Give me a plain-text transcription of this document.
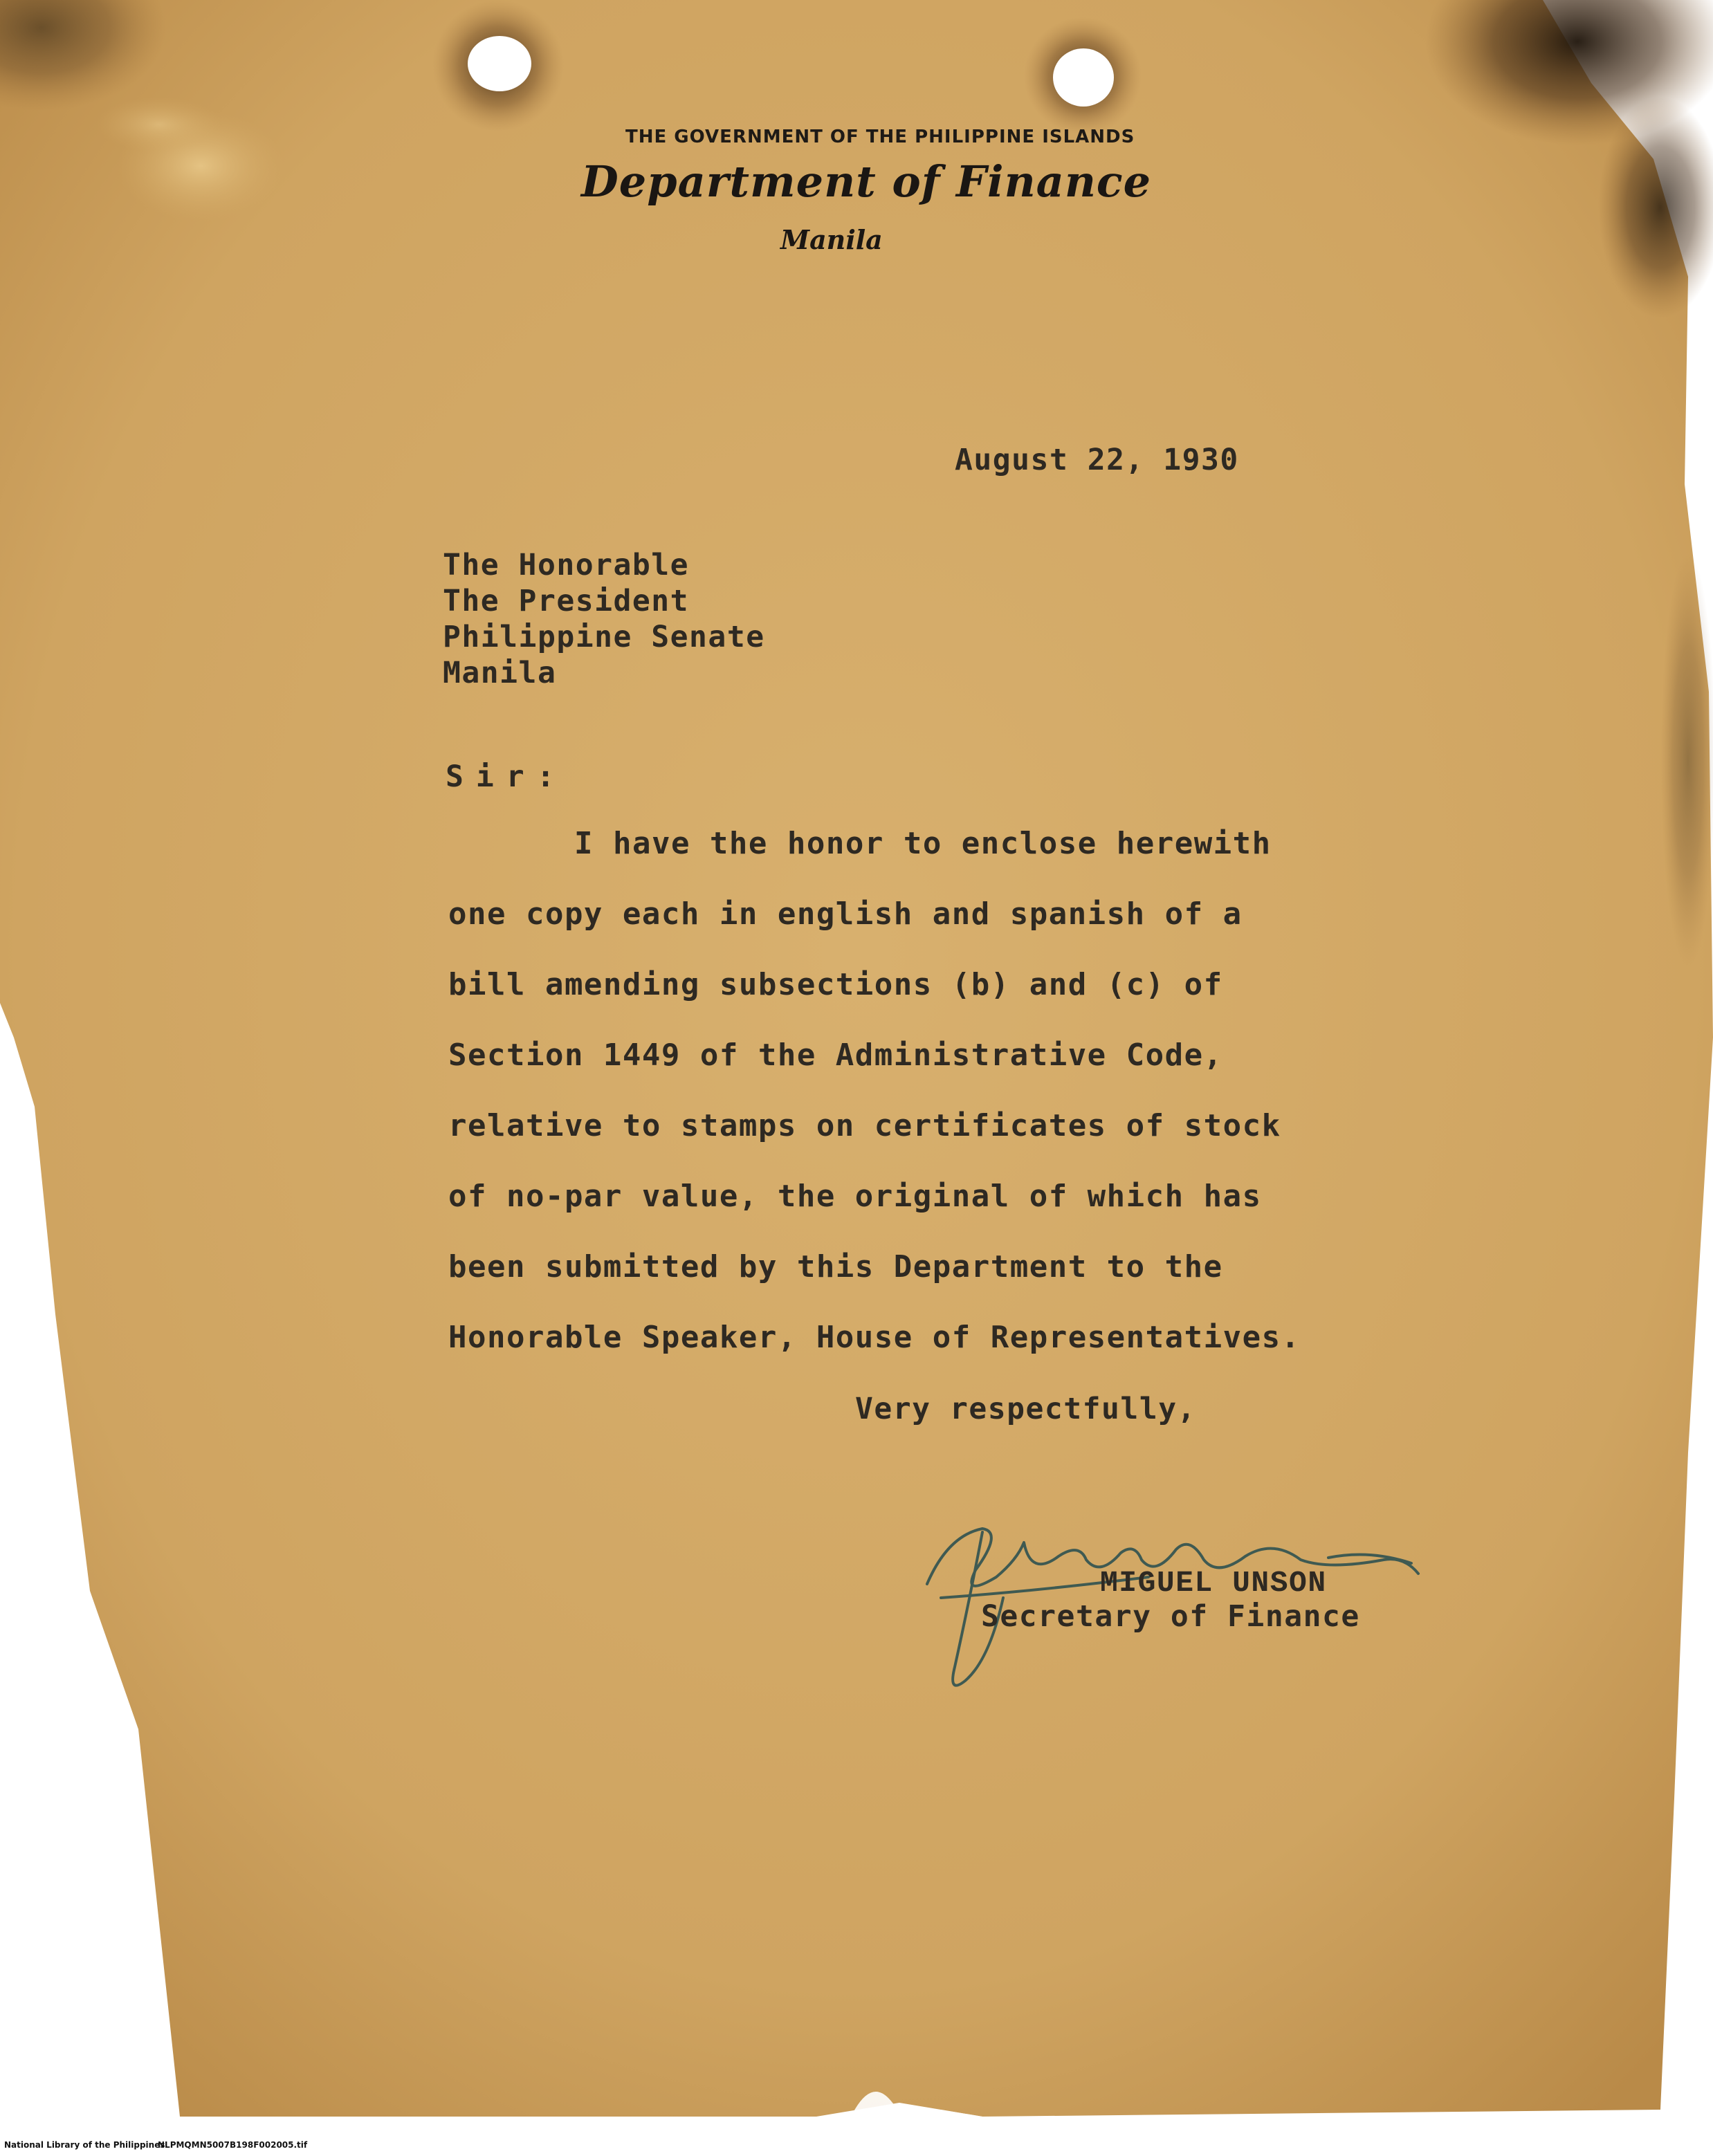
THE GOVERNMENT OF THE PHILIPPINE ISLANDS

Department of Finance

Manila

August 22, 1930

The Honorable

The President

Philippine Senate

Manila

Sir:

I have the honor to enclose herewith

one copy each in english and spanish of a

bill amending subsections (b) and (c) of

Section 1449 of the Administrative Code,

relative to stamps on certificates of stock

of no-par value, the original of which has

been submitted by this Department to the

Honorable Speaker, House of Representatives.

Very respectfully,

MIGUEL UNSON

Secretary of Finance

National Library of the Philippines

NLPMQMN5007B198F002005.tif
